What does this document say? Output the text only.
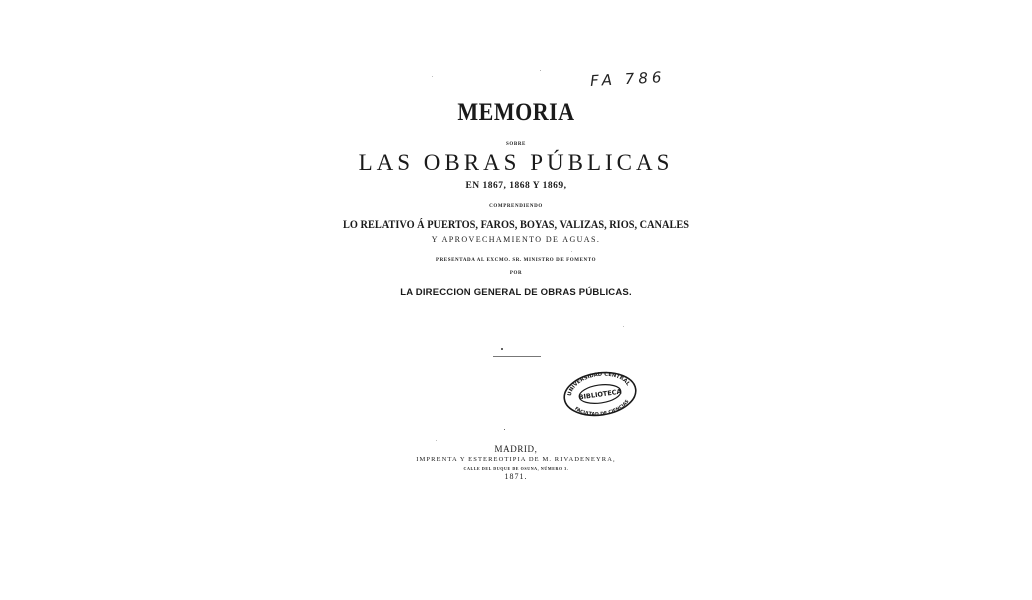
FA 786
MEMORIA
SOBRE
LAS OBRAS PÚBLICAS
EN 1867, 1868 Y 1869,
COMPRENDIENDO
LO RELATIVO Á PUERTOS, FAROS, BOYAS, VALIZAS, RIOS, CANALES
Y APROVECHAMIENTO DE AGUAS.
PRESENTADA AL EXCMO. SR. MINISTRO DE FOMENTO
POR
LA DIRECCION GENERAL DE OBRAS PÚBLICAS.
UNIVERSIDAD CENTRAL
BIBLIOTECA
FACULTAD DE CIENCIAS
MADRID,
IMPRENTA Y ESTEREOTIPIA DE M. RIVADENEYRA,
CALLE DEL DUQUE DE OSUNA, NÚMERO 3.
1871.
